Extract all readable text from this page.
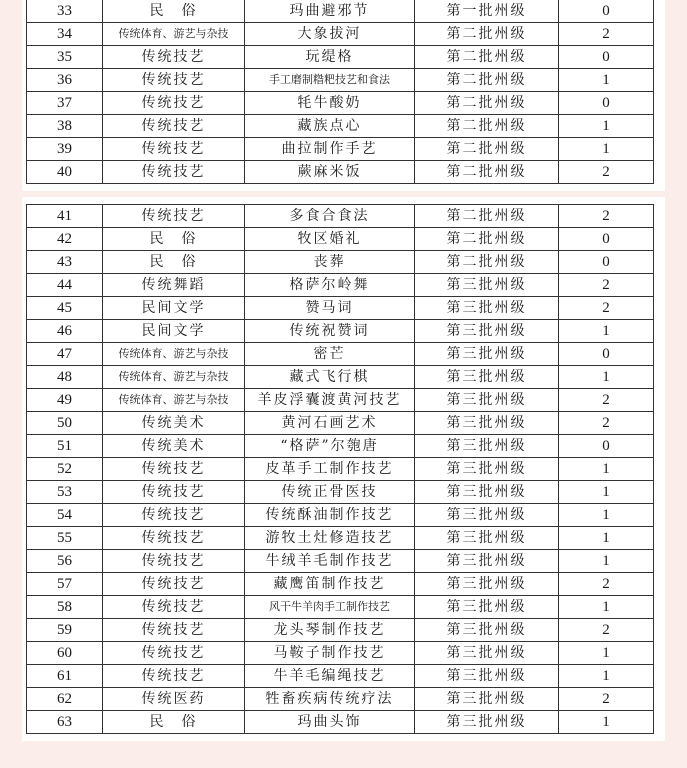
33	民　俗	玛曲避邪节	第一批州级	0
34	传统体育、游艺与杂技	大象拔河	第二批州级	2
35	传统技艺	玩缇格	第二批州级	0
36	传统技艺	手工磨制糌粑技艺和食法	第二批州级	1
37	传统技艺	牦牛酸奶	第二批州级	0
38	传统技艺	藏族点心	第二批州级	1
39	传统技艺	曲拉制作手艺	第二批州级	1
40	传统技艺	蕨麻米饭	第二批州级	2
41	传统技艺	多食合食法	第二批州级	2
42	民　俗	牧区婚礼	第二批州级	0
43	民　俗	丧葬	第二批州级	0
44	传统舞蹈	格萨尔岭舞	第三批州级	2
45	民间文学	赞马词	第三批州级	2
46	民间文学	传统祝赞词	第三批州级	1
47	传统体育、游艺与杂技	密芒	第三批州级	0
48	传统体育、游艺与杂技	藏式飞行棋	第三批州级	1
49	传统体育、游艺与杂技	羊皮浮囊渡黄河技艺	第三批州级	2
50	传统美术	黄河石画艺术	第三批州级	2
51	传统美术	“格萨”尔匏唐	第三批州级	0
52	传统技艺	皮革手工制作技艺	第三批州级	1
53	传统技艺	传统正骨医技	第三批州级	1
54	传统技艺	传统酥油制作技艺	第三批州级	1
55	传统技艺	游牧土灶修造技艺	第三批州级	1
56	传统技艺	牛绒羊毛制作技艺	第三批州级	1
57	传统技艺	藏鹰笛制作技艺	第三批州级	2
58	传统技艺	风干牛羊肉手工制作技艺	第三批州级	1
59	传统技艺	龙头琴制作技艺	第三批州级	2
60	传统技艺	马鞍子制作技艺	第三批州级	1
61	传统技艺	牛羊毛编绳技艺	第三批州级	1
62	传统医药	牲畜疾病传统疗法	第三批州级	2
63	民　俗	玛曲头饰	第三批州级	1
